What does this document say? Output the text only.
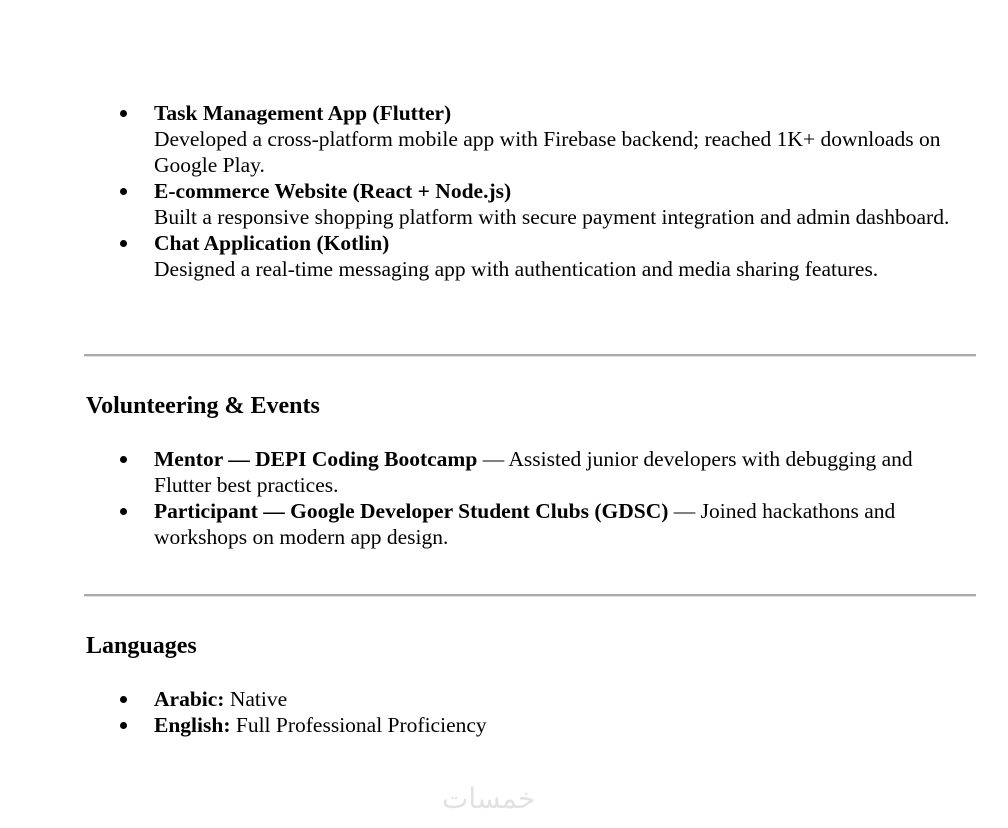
Task Management App (Flutter)
Developed a cross-platform mobile app with Firebase backend; reached 1K+ downloads on Google Play.
E-commerce Website (React + Node.js)
Built a responsive shopping platform with secure payment integration and admin dashboard.
Chat Application (Kotlin)
Designed a real-time messaging app with authentication and media sharing features.
Volunteering & Events
Mentor — DEPI Coding Bootcamp — Assisted junior developers with debugging and Flutter best practices.
Participant — Google Developer Student Clubs (GDSC) — Joined hackathons and workshops on modern app design.
Languages
Arabic: Native
English: Full Professional Proficiency
خمسات
